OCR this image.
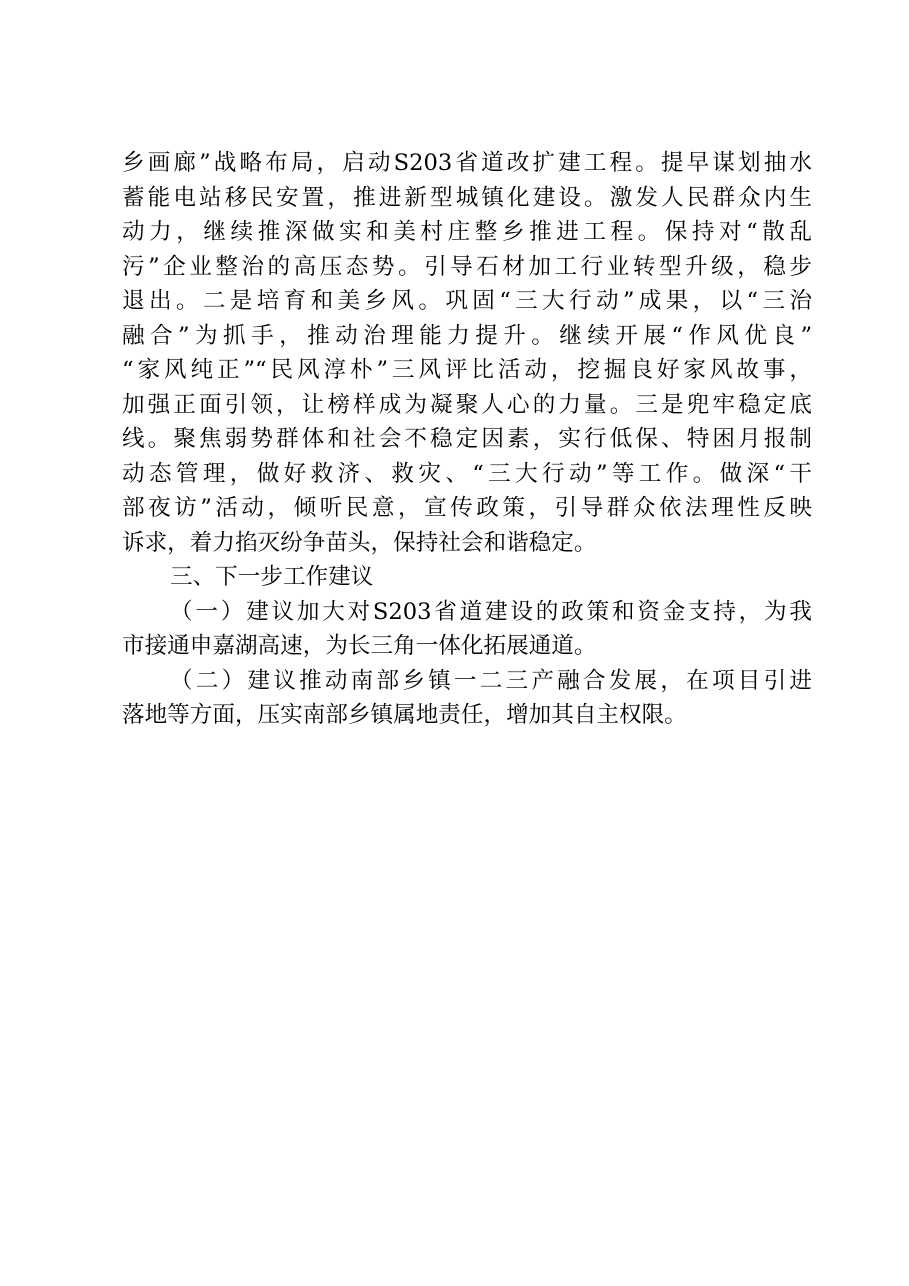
乡画廊”战略布局，启动S203省道改扩建工程。提早谋划抽水
蓄能电站移民安置，推进新型城镇化建设。激发人民群众内生
动力，继续推深做实和美村庄整乡推进工程。保持对“散乱
污”企业整治的高压态势。引导石材加工行业转型升级，稳步
退出。二是培育和美乡风。巩固“三大行动”成果，以“三治
融合”为抓手，推动治理能力提升。继续开展“作风优良”
“家风纯正”“民风淳朴”三风评比活动，挖掘良好家风故事，
加强正面引领，让榜样成为凝聚人心的力量。三是兜牢稳定底
线。聚焦弱势群体和社会不稳定因素，实行低保、特困月报制
动态管理，做好救济、救灾、“三大行动”等工作。做深“干
部夜访”活动，倾听民意，宣传政策，引导群众依法理性反映
诉求，着力掐灭纷争苗头，保持社会和谐稳定。
三、下一步工作建议
（一）建议加大对S203省道建设的政策和资金支持，为我
市接通申嘉湖高速，为长三角一体化拓展通道。
（二）建议推动南部乡镇一二三产融合发展，在项目引进
落地等方面，压实南部乡镇属地责任，增加其自主权限。
